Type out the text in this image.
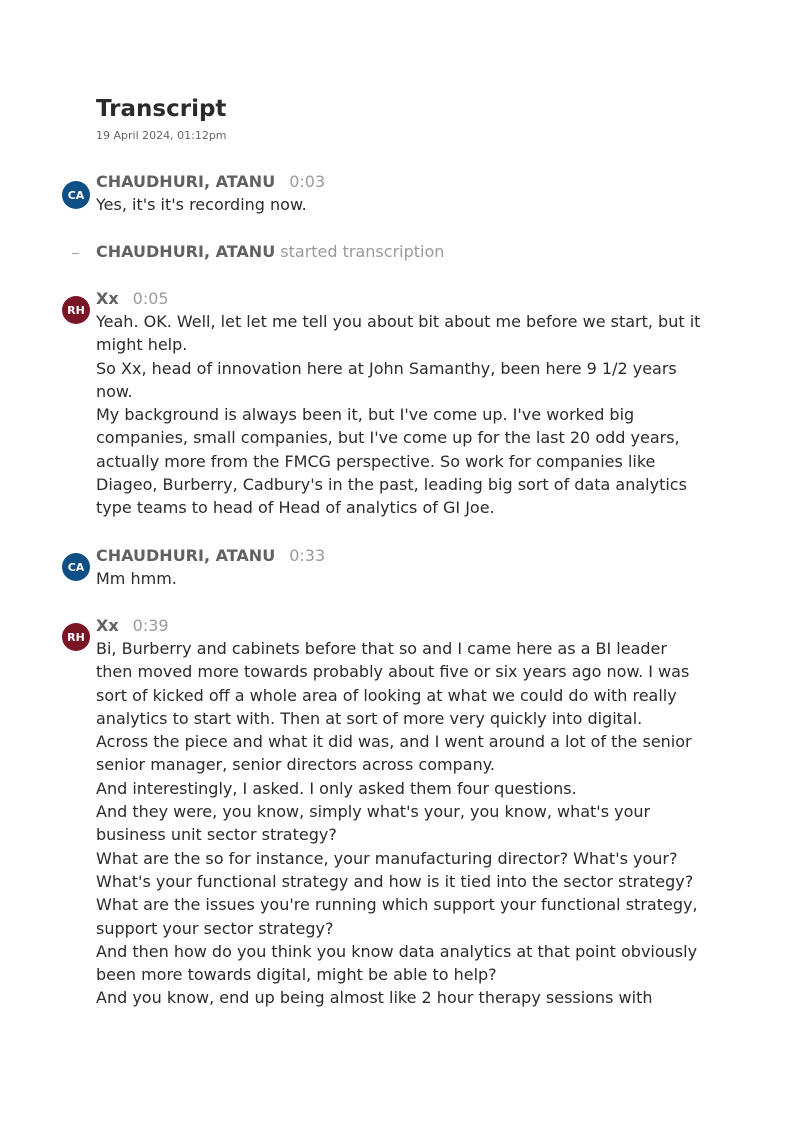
Transcript
19 April 2024, 01:12pm
CA
CHAUDHURI, ATANU 0:03

Yes, it's it's recording now.

CHAUDHURI, ATANU started transcription
RH
Xx 0:05

Yeah. OK. Well, let let me tell you about bit about me before we start, but it might help.

So Xx, head of innovation here at John Samanthy, been here 9 1/2 years now.

My background is always been it, but I've come up. I've worked big companies, small companies, but I've come up for the last 20 odd years, actually more from the FMCG perspective. So work for companies like Diageo, Burberry, Cadbury's in the past, leading big sort of data analytics type teams to head of Head of analytics of GI Joe.

CA
CHAUDHURI, ATANU 0:33

Mm hmm.

RH
Xx 0:39

Bi, Burberry and cabinets before that so and I came here as a BI leader then moved more towards probably about five or six years ago now. I was sort of kicked off a whole area of looking at what we could do with really analytics to start with. Then at sort of more very quickly into digital.

Across the piece and what it did was, and I went around a lot of the senior senior manager, senior directors across company.

And interestingly, I asked. I only asked them four questions.

And they were, you know, simply what's your, you know, what's your business unit sector strategy?

What are the so for instance, your manufacturing director? What's your?

What's your functional strategy and how is it tied into the sector strategy?

What are the issues you're running which support your functional strategy, support your sector strategy?

And then how do you think you know data analytics at that point obviously been more towards digital, might be able to help?

And you know, end up being almost like 2 hour therapy sessions with
